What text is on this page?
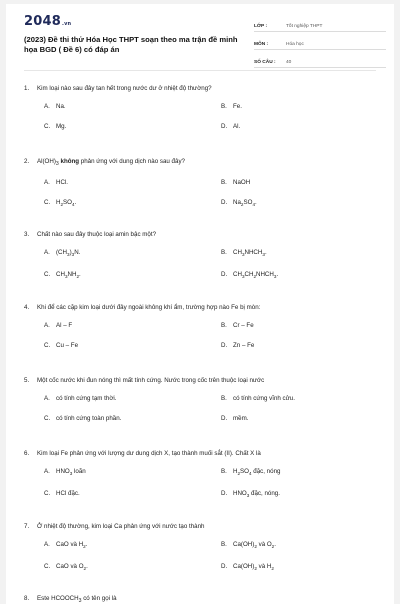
2048.vn
(2023) Đề thi thử Hóa Học THPT soạn theo ma trận đề minh họa BGD ( Đề 6) có đáp án
LỚP :	Tốt nghiệp THPT
MÔN :	Hóa học
SỐ CÂU :	40
1.	Kim loại nào sau đây tan hết trong nước dư ở nhiệt độ thường?
A. Na.	B. Fe.
C. Mg.	D. Al.
2.	$Al(OH)_3$ không phản ứng với dung dịch nào sau đây?
A. HCl.	B. NaOH
C. $H_2SO_4$.	D. $Na_2SO_4$.
3.	Chất nào sau đây thuộc loại amin bậc một?
A. $(CH_3)_3N$.	B. $CH_3NHCH_3$.
C. $CH_3NH_2$.	D. $CH_3CH_2NHCH_3$.
4.	Khi để các cặp kim loại dưới đây ngoài không khí ẩm, trường hợp nào Fe bị mòn:
A. Al – F	B. Cr – Fe
C. Cu – Fe	D. Zn – Fe
5.	Một cốc nước khi đun nóng thì mất tính cứng. Nước trong cốc trên thuộc loại nước
A. có tính cứng tạm thời.	B. có tính cứng vĩnh cửu.
C. có tính cứng toàn phần.	D. mềm.
6.	Kim loại Fe phản ứng với lượng dư dung dịch X, tạo thành muối sắt (II). Chất X là
A. $HNO_3$ loãn	B. $H_2SO_4$ đặc, nóng
C. HCl đặc.	D. $HNO_3$ đặc, nóng.
7.	Ở nhiệt độ thường, kim loại Ca phản ứng với nước tạo thành
A. CaO và $H_2$.	B. $Ca(OH)_2$ và $O_2$.
C. CaO và $O_2$.	D. $Ca(OH)_2$ và $H_2$
8.	Este $HCOOCH_3$ có tên gọi là
